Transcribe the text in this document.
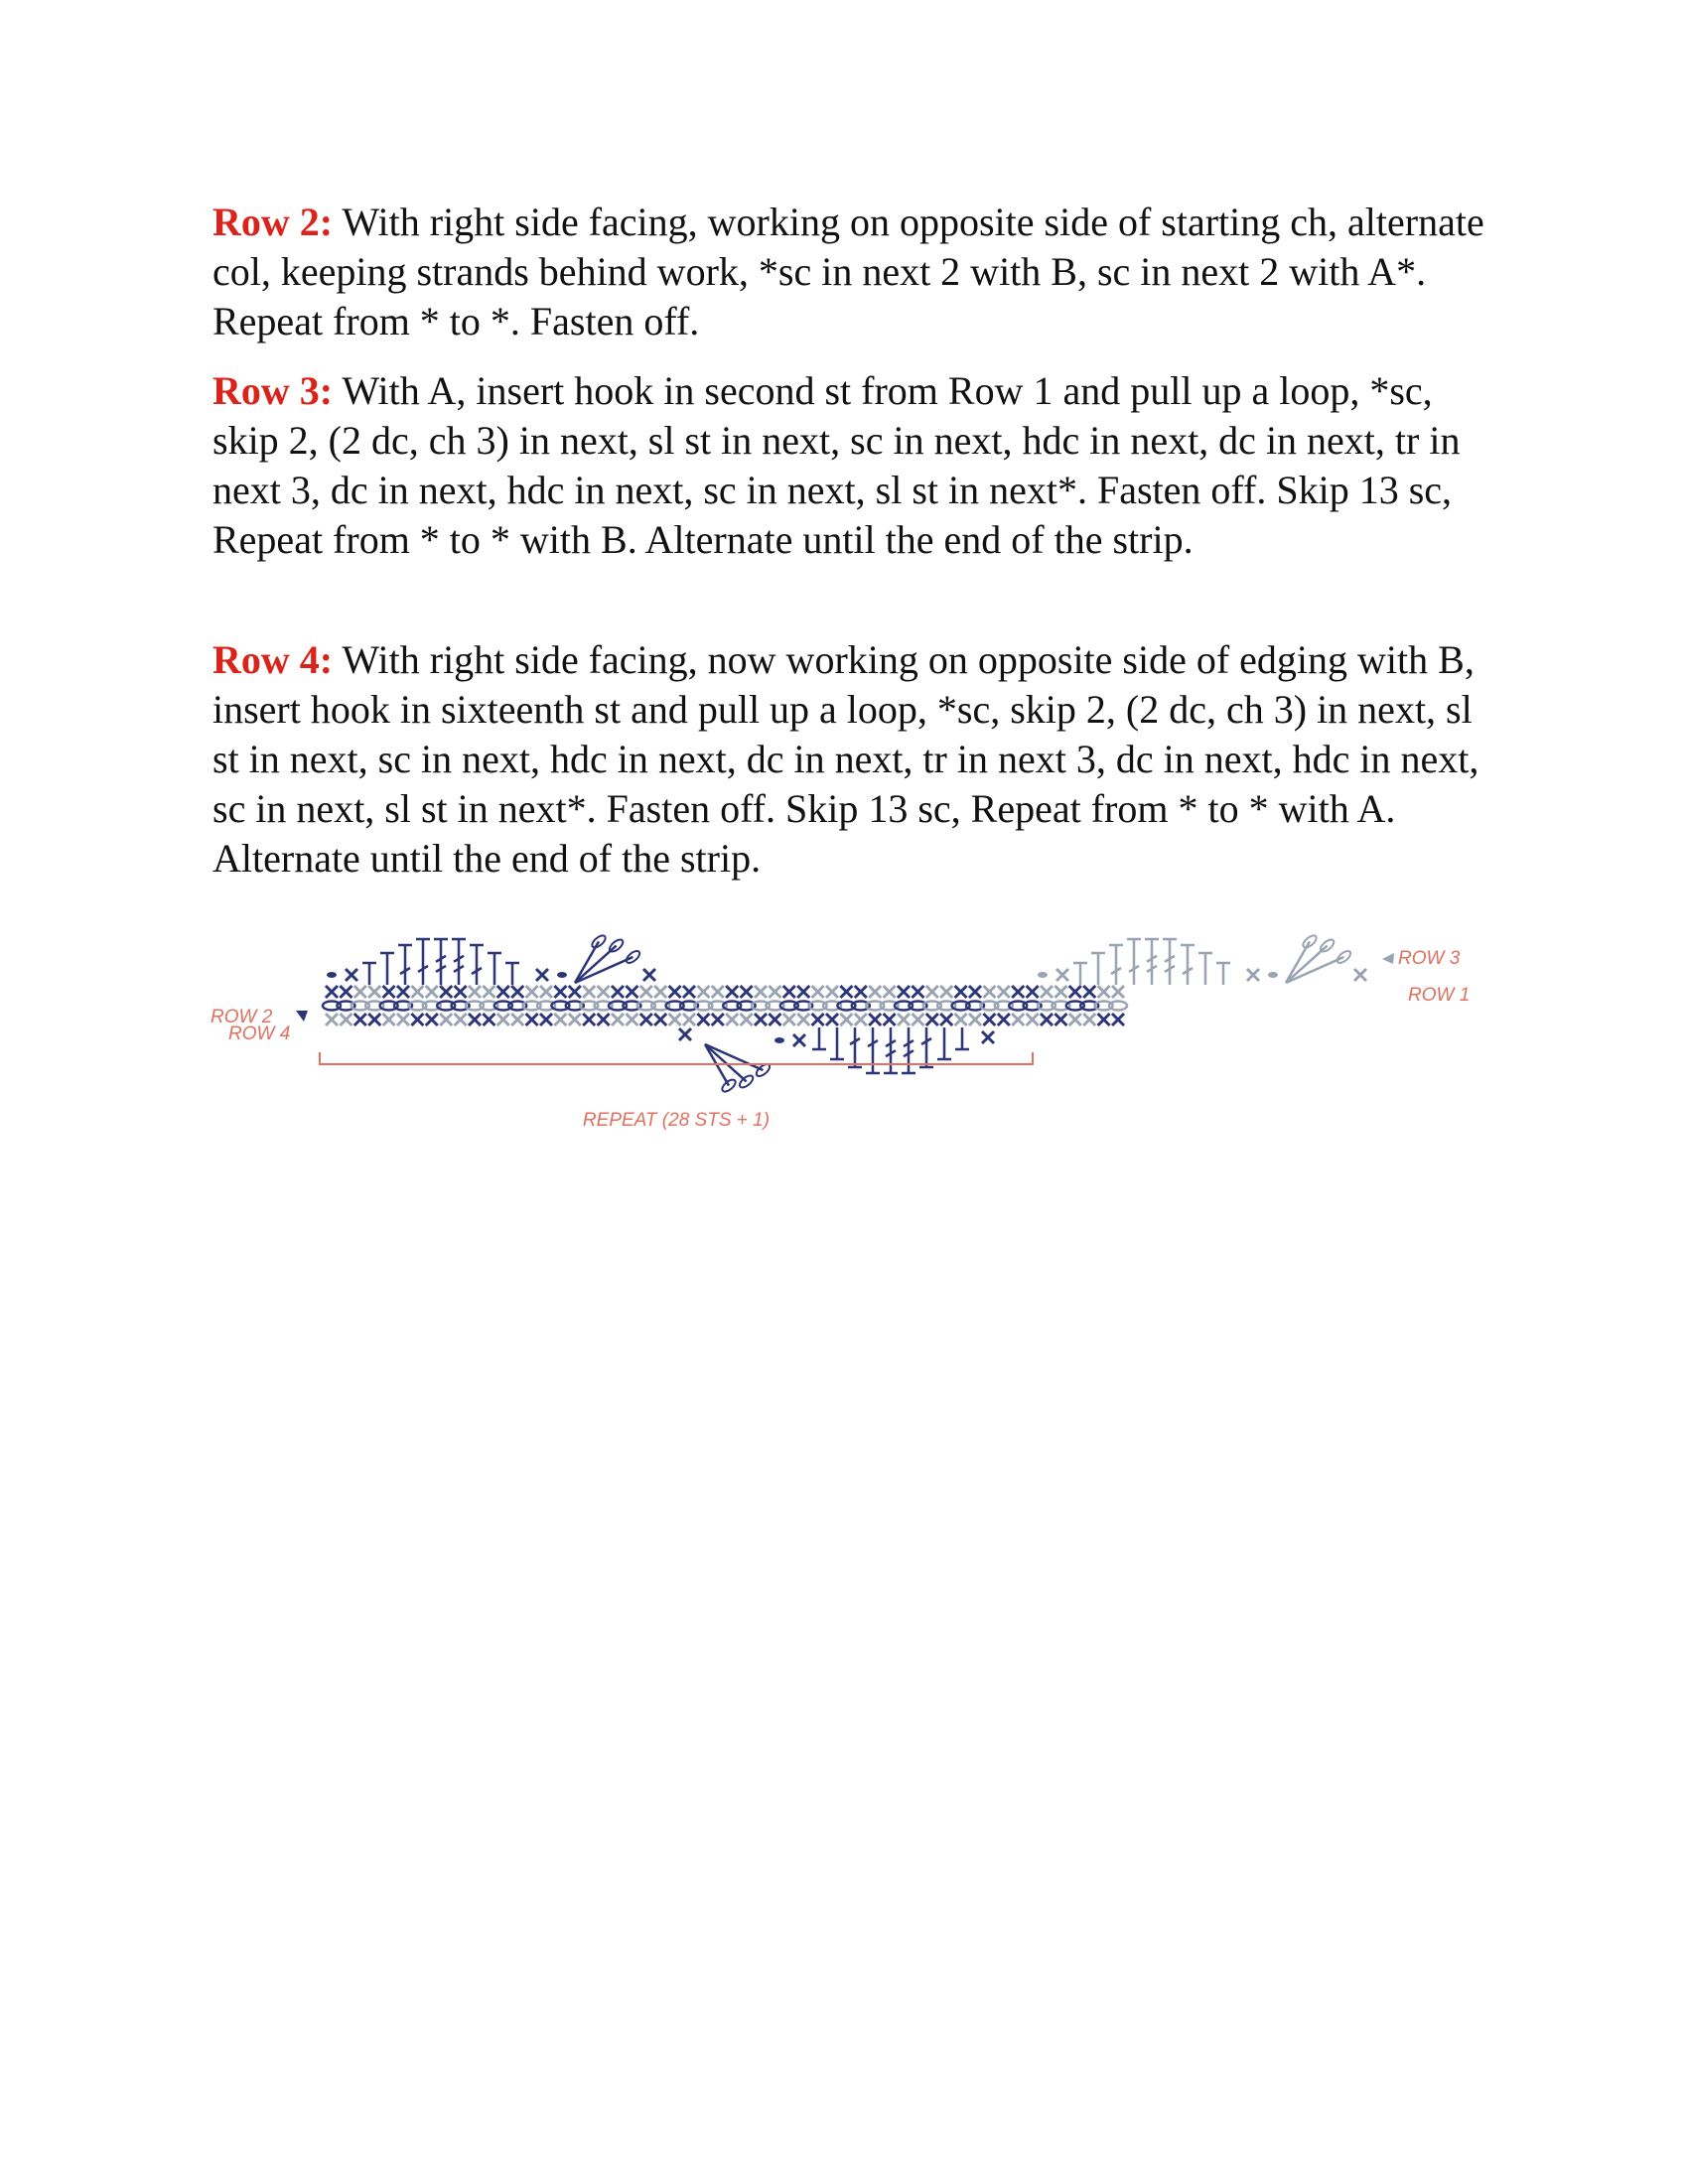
Row 2: With right side facing, working on opposite side of starting ch, alternate col, keeping strands behind work, *sc in next 2 with B, sc in next 2 with A*. Repeat from * to *. Fasten off.

Row 3: With A, insert hook in second st from Row 1 and pull up a loop, *sc, skip 2, (2 dc, ch 3) in next, sl st in next, sc in next, hdc in next, dc in next, tr in next 3, dc in next, hdc in next, sc in next, sl st in next*. Fasten off. Skip 13 sc, Repeat from * to * with B. Alternate until the end of the strip.

Row 4: With right side facing, now working on opposite side of edging with B, insert hook in sixteenth st and pull up a loop, *sc, skip 2, (2 dc, ch 3) in next, sl st in next, sc in next, hdc in next, dc in next, tr in next 3, dc in next, hdc in next, sc in next, sl st in next*. Fasten off. Skip 13 sc, Repeat from * to * with A. Alternate until the end of the strip.

ROW 2
ROW 4
ROW 3
ROW 1
REPEAT (28 STS + 1)
